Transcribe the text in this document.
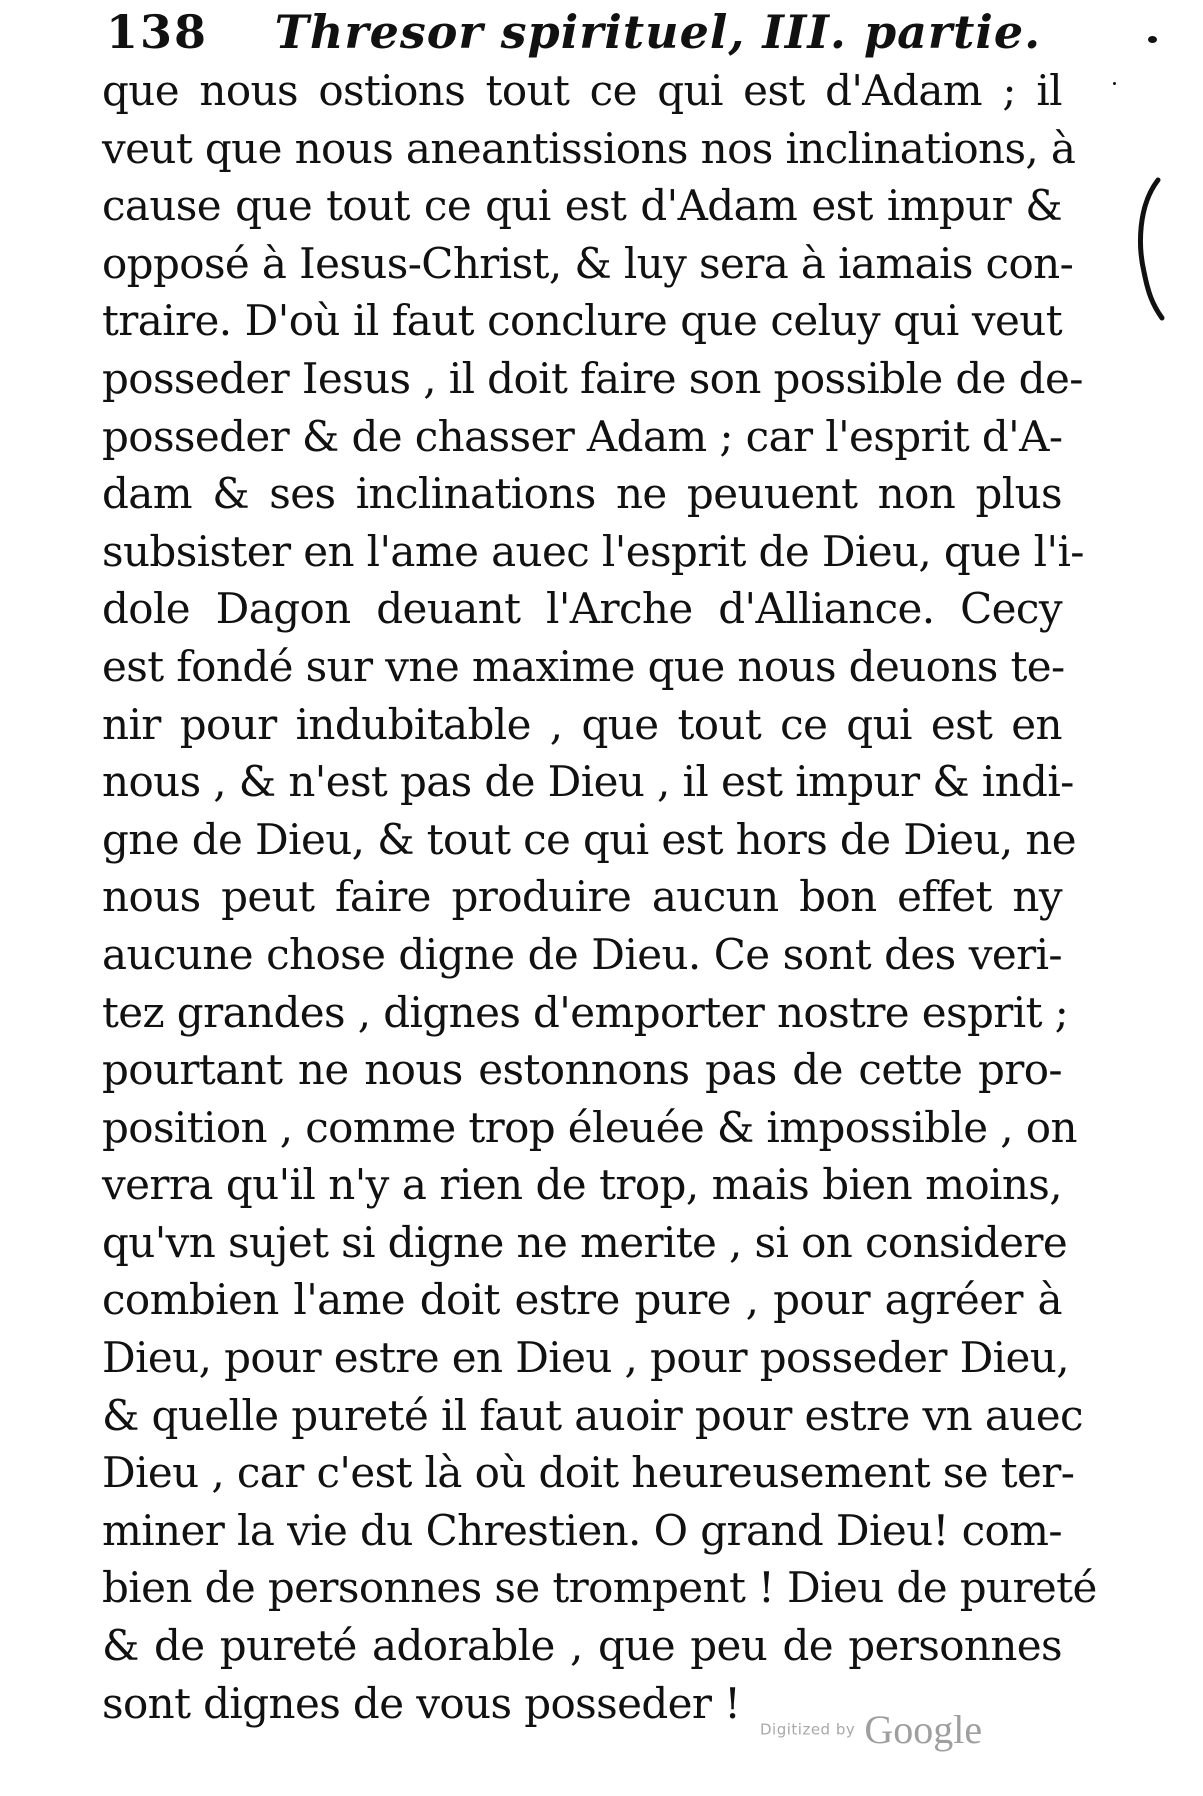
138 Thresor spirituel, III. partie.
que nous ostions tout ce qui est d'Adam ; il
veut que nous aneantissions nos inclinations, à
cause que tout ce qui est d'Adam est impur &
opposé à Iesus-Christ, & luy sera à iamais con-
traire. D'où il faut conclure que celuy qui veut
posseder Iesus , il doit faire son possible de de-
posseder & de chasser Adam ; car l'esprit d'A-
dam & ses inclinations ne peuuent non plus
subsister en l'ame auec l'esprit de Dieu, que l'i-
dole Dagon deuant l'Arche d'Alliance. Cecy
est fondé sur vne maxime que nous deuons te-
nir pour indubitable , que tout ce qui est en
nous , & n'est pas de Dieu , il est impur & indi-
gne de Dieu, & tout ce qui est hors de Dieu, ne
nous peut faire produire aucun bon effet ny
aucune chose digne de Dieu. Ce sont des veri-
tez grandes , dignes d'emporter nostre esprit ;
pourtant ne nous estonnons pas de cette pro-
position , comme trop éleuée & impossible , on
verra qu'il n'y a rien de trop, mais bien moins,
qu'vn sujet si digne ne merite , si on considere
combien l'ame doit estre pure , pour agréer à
Dieu, pour estre en Dieu , pour posseder Dieu,
& quelle pureté il faut auoir pour estre vn auec
Dieu , car c'est là où doit heureusement se ter-
miner la vie du Chrestien. O grand Dieu! com-
bien de personnes se trompent ! Dieu de pureté
& de pureté adorable , que peu de personnes
sont dignes de vous posseder !
Digitized by Google
